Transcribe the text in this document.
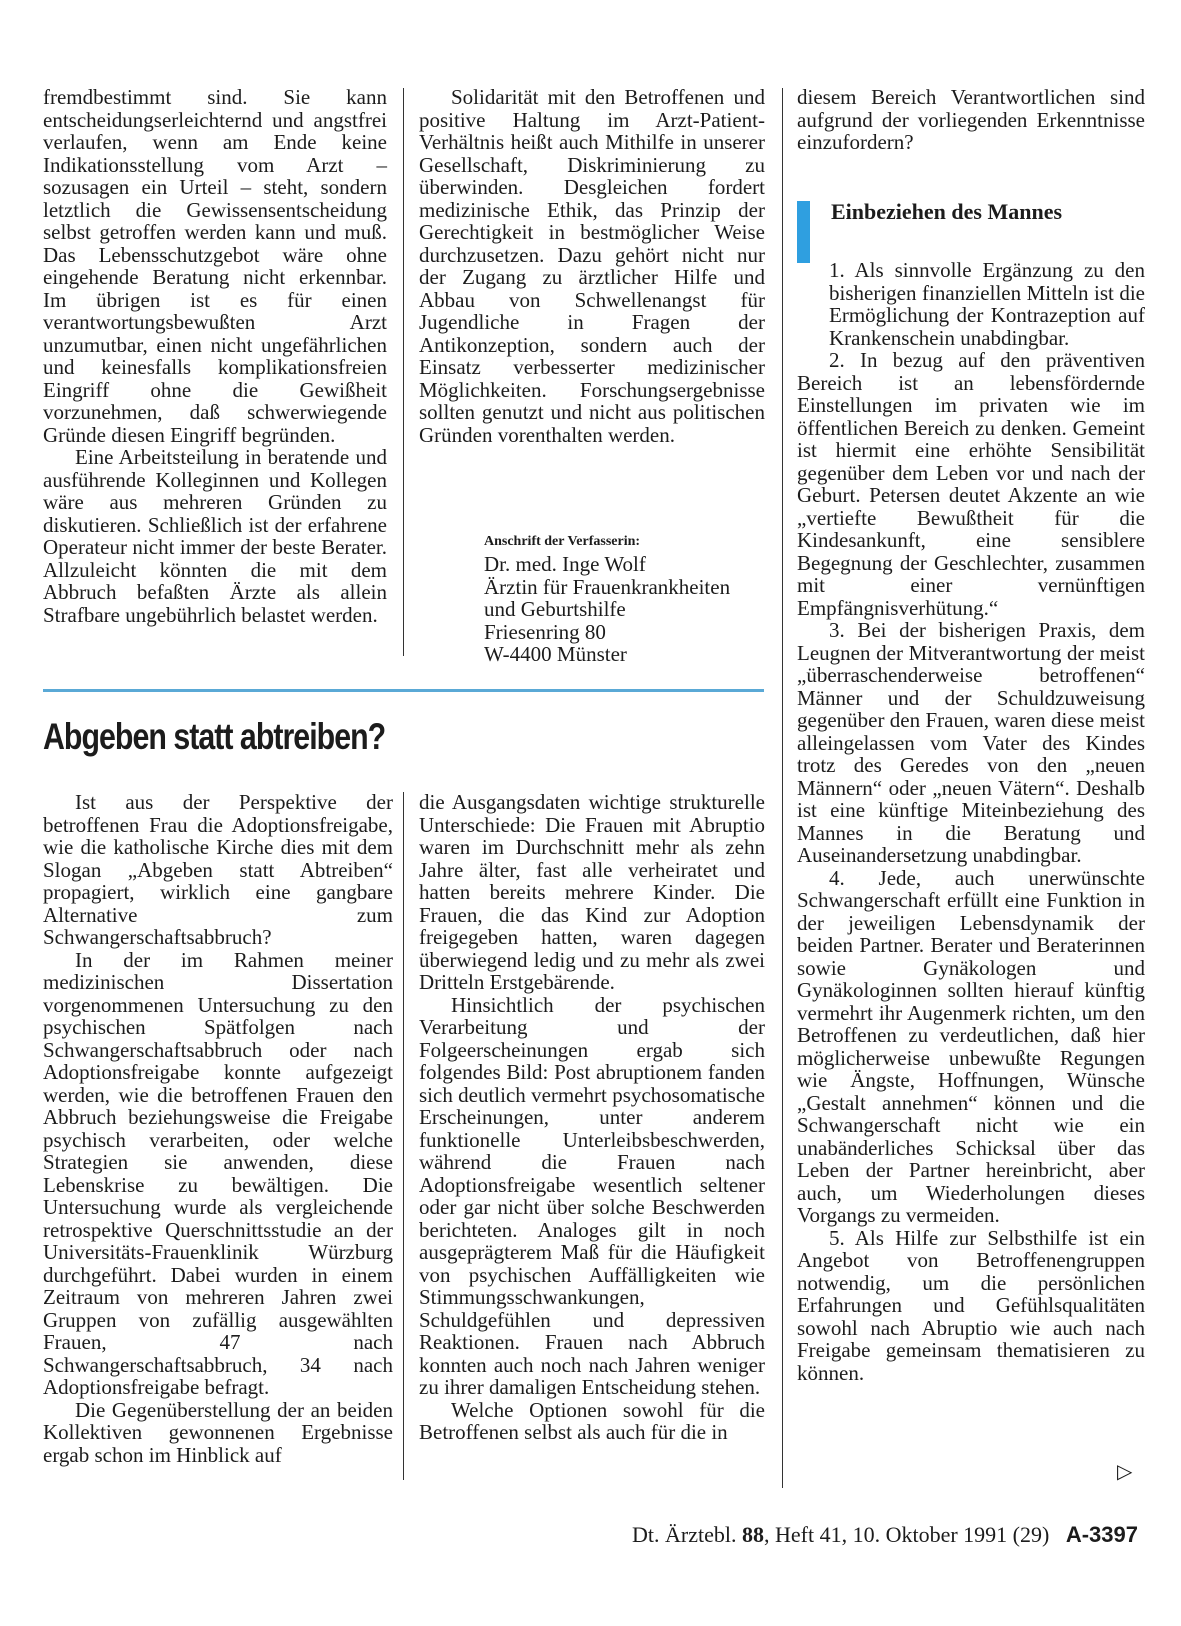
fremdbestimmt sind. Sie kann entscheidungserleichternd und angstfrei verlaufen, wenn am Ende keine Indikationsstellung vom Arzt – sozusagen ein Urteil – steht, sondern letztlich die Gewissensentscheidung selbst getroffen werden kann und muß. Das Lebensschutzgebot wäre ohne eingehende Beratung nicht erkennbar. Im übrigen ist es für einen verantwortungsbewußten Arzt unzumutbar, einen nicht ungefährlichen und keinesfalls komplikationsfreien Eingriff ohne die Gewißheit vorzunehmen, daß schwerwiegende Gründe diesen Eingriff begründen.

Eine Arbeitsteilung in beratende und ausführende Kolleginnen und Kollegen wäre aus mehreren Gründen zu diskutieren. Schließlich ist der erfahrene Operateur nicht immer der beste Berater. Allzuleicht könnten die mit dem Abbruch befaßten Ärzte als allein Strafbare ungebührlich belastet werden.

Solidarität mit den Betroffenen und positive Haltung im Arzt-Patient-Verhältnis heißt auch Mithilfe in unserer Gesellschaft, Diskriminierung zu überwinden. Desgleichen fordert medizinische Ethik, das Prinzip der Gerechtigkeit in bestmöglicher Weise durchzusetzen. Dazu gehört nicht nur der Zugang zu ärztlicher Hilfe und Abbau von Schwellenangst für Jugendliche in Fragen der Antikonzeption, sondern auch der Einsatz verbesserter medizinischer Möglichkeiten. Forschungsergebnisse sollten genutzt und nicht aus politischen Gründen vorenthalten werden.

Anschrift der Verfasserin:
Dr. med. Inge Wolf
Ärztin für Frauenkrankheiten
und Geburtshilfe
Friesenring 80
W-4400 Münster

diesem Bereich Verantwortlichen sind aufgrund der vorliegenden Erkenntnisse einzufordern?

Einbeziehen des Mannes

1. Als sinnvolle Ergänzung zu den bisherigen finanziellen Mitteln ist die Ermöglichung der Kontrazeption auf Krankenschein unabdingbar.

2. In bezug auf den präventiven Bereich ist an lebensfördernde Einstellungen im privaten wie im öffentlichen Bereich zu denken. Gemeint ist hiermit eine erhöhte Sensibilität gegenüber dem Leben vor und nach der Geburt. Petersen deutet Akzente an wie „vertiefte Bewußtheit für die Kindesankunft, eine sensiblere Begegnung der Geschlechter, zusammen mit einer vernünftigen Empfängnisverhütung.“

3. Bei der bisherigen Praxis, dem Leugnen der Mitverantwortung der meist „überraschenderweise betroffenen“ Männer und der Schuldzuweisung gegenüber den Frauen, waren diese meist alleingelassen vom Vater des Kindes trotz des Geredes von den „neuen Männern“ oder „neuen Vätern“. Deshalb ist eine künftige Miteinbeziehung des Mannes in die Beratung und Auseinandersetzung unabdingbar.

4. Jede, auch unerwünschte Schwangerschaft erfüllt eine Funktion in der jeweiligen Lebensdynamik der beiden Partner. Berater und Beraterinnen sowie Gynäkologen und Gynäkologinnen sollten hierauf künftig vermehrt ihr Augenmerk richten, um den Betroffenen zu verdeutlichen, daß hier möglicherweise unbewußte Regungen wie Ängste, Hoffnungen, Wünsche „Gestalt annehmen“ können und die Schwangerschaft nicht wie ein unabänderliches Schicksal über das Leben der Partner hereinbricht, aber auch, um Wiederholungen dieses Vorgangs zu vermeiden.

5. Als Hilfe zur Selbsthilfe ist ein Angebot von Betroffenengruppen notwendig, um die persönlichen Erfahrungen und Gefühlsqualitäten sowohl nach Abruptio wie auch nach Freigabe gemeinsam thematisieren zu können.

▷
Abgeben statt abtreiben?

Ist aus der Perspektive der betroffenen Frau die Adoptionsfreigabe, wie die katholische Kirche dies mit dem Slogan „Abgeben statt Abtreiben“ propagiert, wirklich eine gangbare Alternative zum Schwangerschaftsabbruch?

In der im Rahmen meiner medizinischen Dissertation vorgenommenen Untersuchung zu den psychischen Spätfolgen nach Schwangerschaftsabbruch oder nach Adoptionsfreigabe konnte aufgezeigt werden, wie die betroffenen Frauen den Abbruch beziehungsweise die Freigabe psychisch verarbeiten, oder welche Strategien sie anwenden, diese Lebenskrise zu bewältigen. Die Untersuchung wurde als vergleichende retrospektive Querschnittsstudie an der Universitäts-Frauenklinik Würzburg durchgeführt. Dabei wurden in einem Zeitraum von mehreren Jahren zwei Gruppen von zufällig ausgewählten Frauen, 47 nach Schwangerschaftsabbruch, 34 nach Adoptionsfreigabe befragt.

Die Gegenüberstellung der an beiden Kollektiven gewonnenen Ergebnisse ergab schon im Hinblick auf

die Ausgangsdaten wichtige strukturelle Unterschiede: Die Frauen mit Abruptio waren im Durchschnitt mehr als zehn Jahre älter, fast alle verheiratet und hatten bereits mehrere Kinder. Die Frauen, die das Kind zur Adoption freigegeben hatten, waren dagegen überwiegend ledig und zu mehr als zwei Dritteln Erstgebärende.

Hinsichtlich der psychischen Verarbeitung und der Folgeerscheinungen ergab sich folgendes Bild: Post abruptionem fanden sich deutlich vermehrt psychosomatische Erscheinungen, unter anderem funktionelle Unterleibsbeschwerden, während die Frauen nach Adoptionsfreigabe wesentlich seltener oder gar nicht über solche Beschwerden berichteten. Analoges gilt in noch ausgeprägterem Maß für die Häufigkeit von psychischen Auffälligkeiten wie Stimmungsschwankungen, Schuldgefühlen und depressiven Reaktionen. Frauen nach Abbruch konnten auch noch nach Jahren weniger zu ihrer damaligen Entscheidung stehen.

Welche Optionen sowohl für die Betroffenen selbst als auch für die in

Dt. Ärztebl. 88, Heft 41, 10. Oktober 1991 (29) A-3397
